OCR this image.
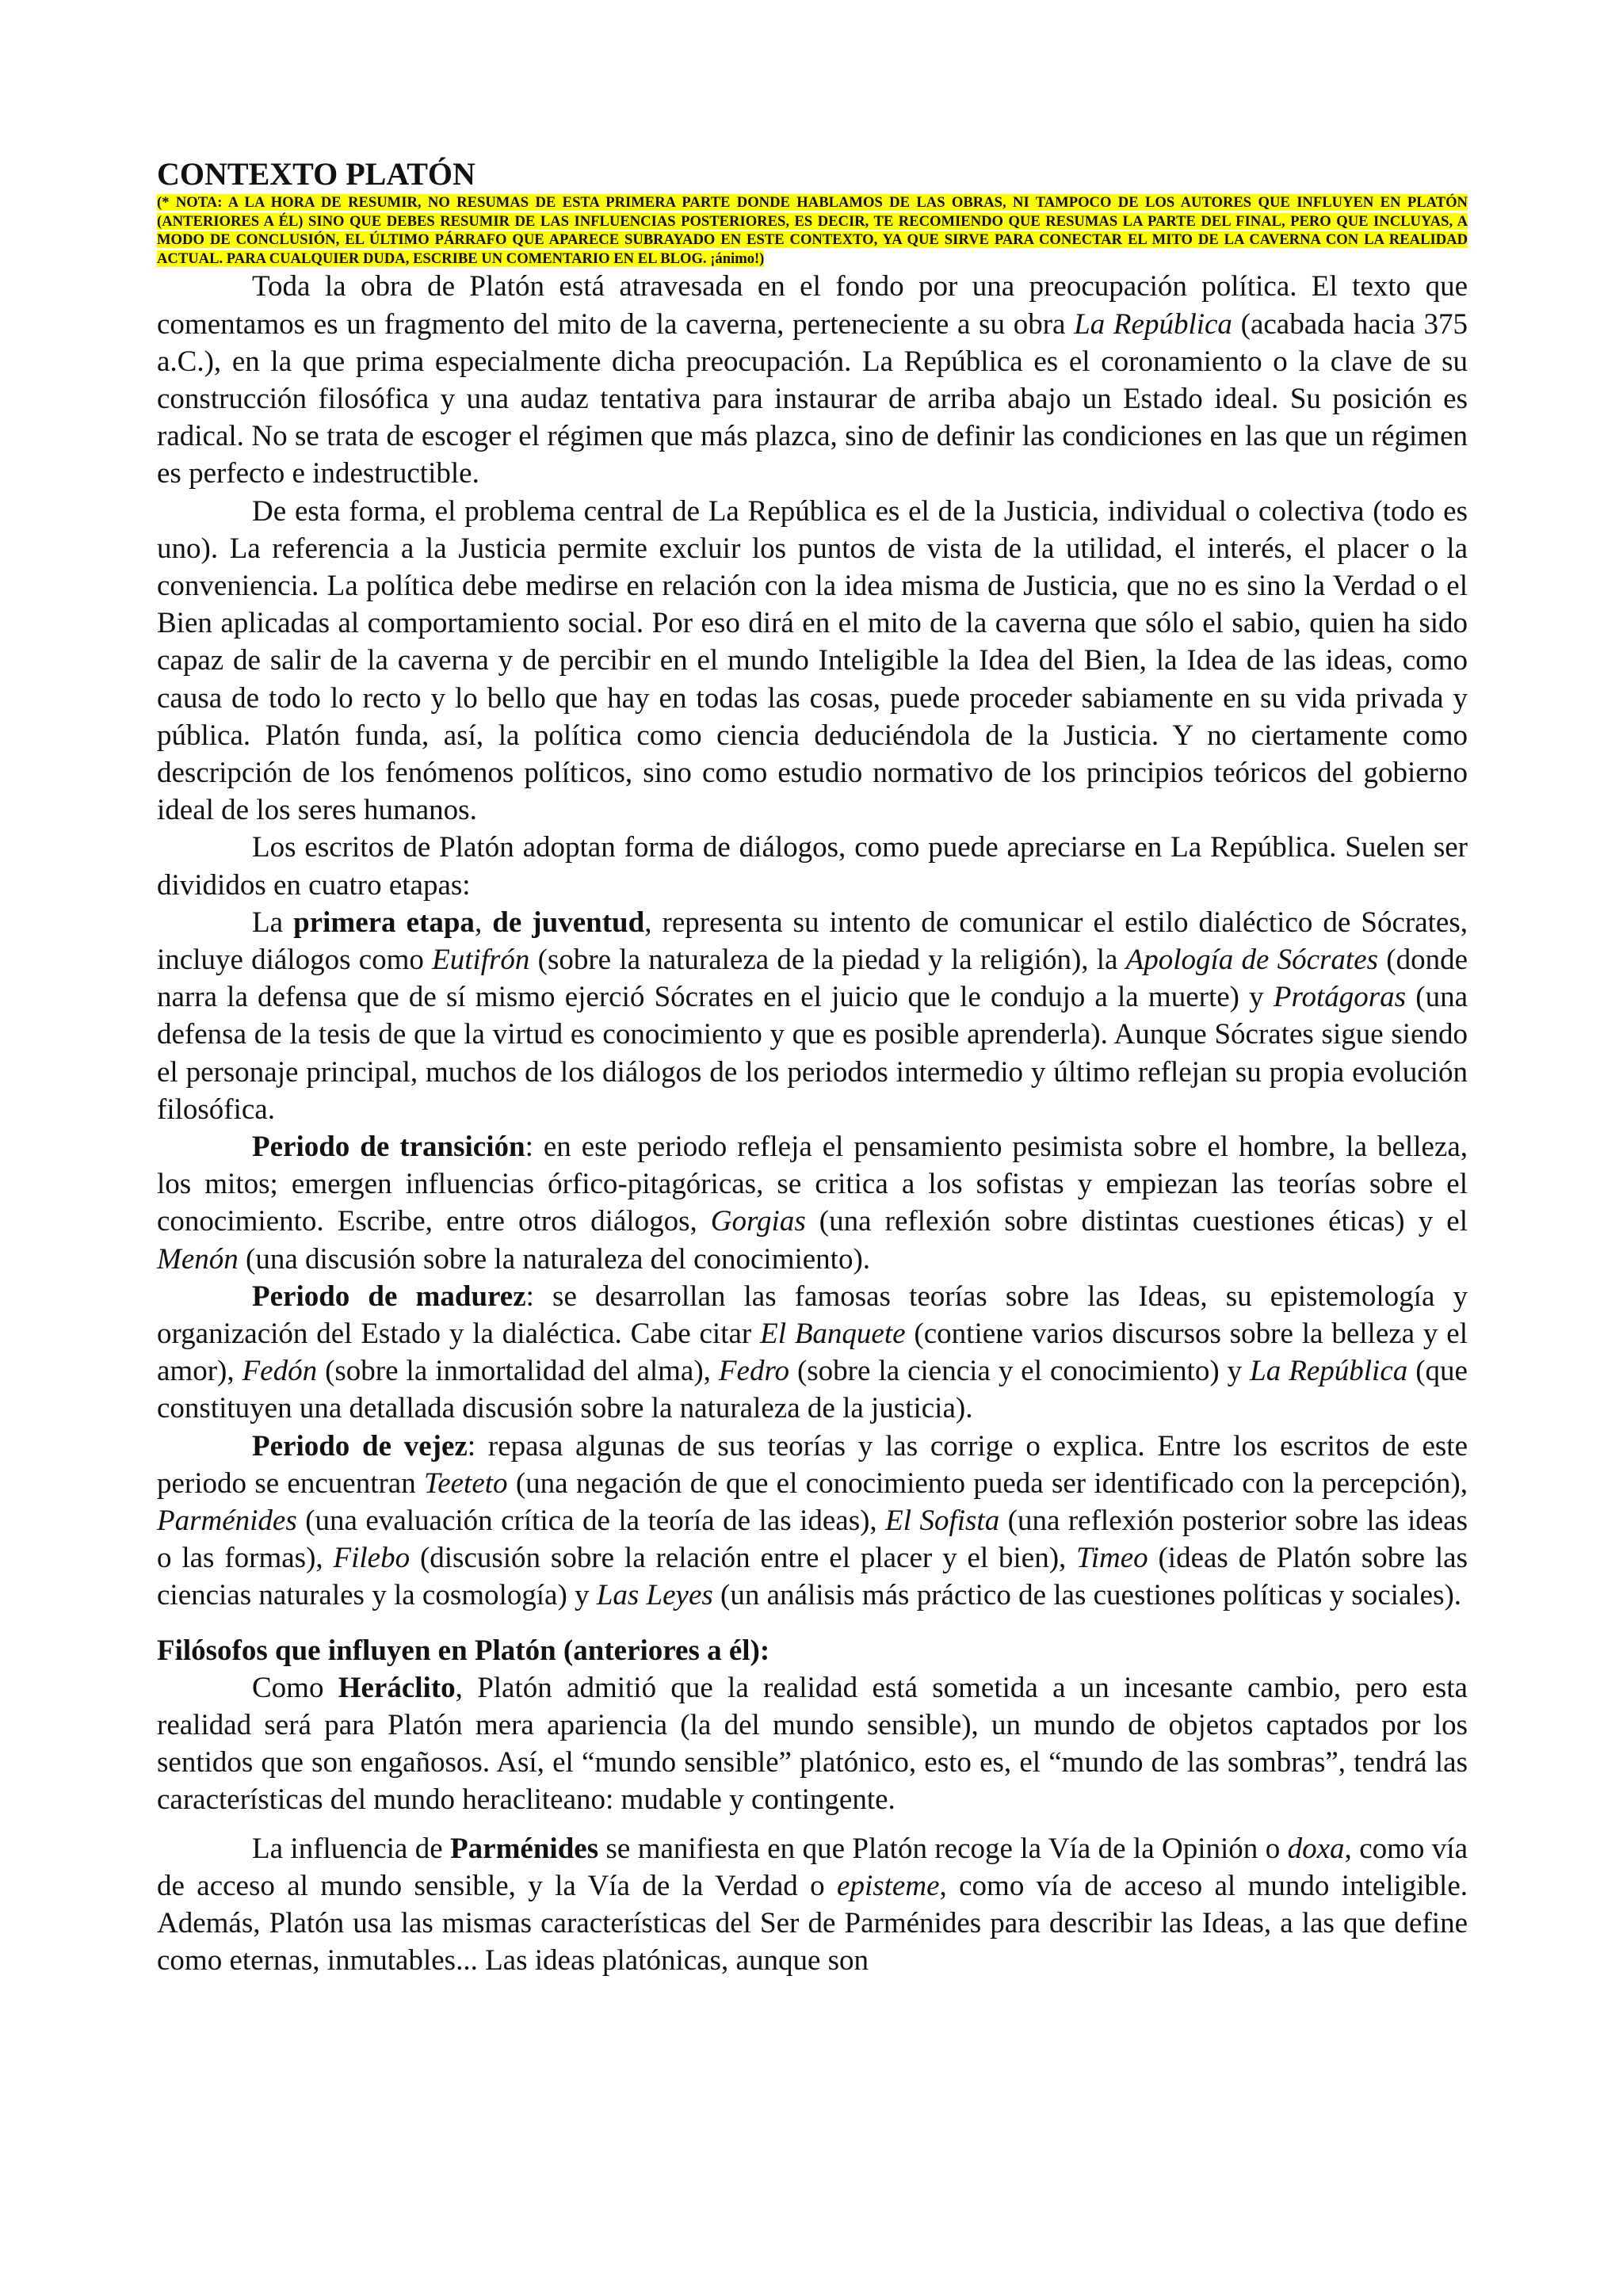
CONTEXTO PLATÓN

(* NOTA: A LA HORA DE RESUMIR, NO RESUMAS DE ESTA PRIMERA PARTE DONDE HABLAMOS DE LAS OBRAS, NI TAMPOCO DE LOS AUTORES QUE INFLUYEN EN PLATÓN (ANTERIORES A ÉL) SINO QUE DEBES RESUMIR DE LAS INFLUENCIAS POSTERIORES, ES DECIR, TE RECOMIENDO QUE RESUMAS LA PARTE DEL FINAL, PERO QUE INCLUYAS, A MODO DE CONCLUSIÓN, EL ÚLTIMO PÁRRAFO QUE APARECE SUBRAYADO EN ESTE CONTEXTO, YA QUE SIRVE PARA CONECTAR EL MITO DE LA CAVERNA CON LA REALIDAD ACTUAL. PARA CUALQUIER DUDA, ESCRIBE UN COMENTARIO EN EL BLOG. ¡ánimo!)

Toda la obra de Platón está atravesada en el fondo por una preocupación política. El texto que comentamos es un fragmento del mito de la caverna, perteneciente a su obra La República (acabada hacia 375 a.C.), en la que prima especialmente dicha preocupación. La República es el coronamiento o la clave de su construcción filosófica y una audaz tentativa para instaurar de arriba abajo un Estado ideal. Su posición es radical. No se trata de escoger el régimen que más plazca, sino de definir las condiciones en las que un régimen es perfecto e indestructible.

De esta forma, el problema central de La República es el de la Justicia, individual o colectiva (todo es uno). La referencia a la Justicia permite excluir los puntos de vista de la utilidad, el interés, el placer o la conveniencia. La política debe medirse en relación con la idea misma de Justicia, que no es sino la Verdad o el Bien aplicadas al comportamiento social. Por eso dirá en el mito de la caverna que sólo el sabio, quien ha sido capaz de salir de la caverna y de percibir en el mundo Inteligible la Idea del Bien, la Idea de las ideas, como causa de todo lo recto y lo bello que hay en todas las cosas, puede proceder sabiamente en su vida privada y pública. Platón funda, así, la política como ciencia deduciéndola de la Justicia. Y no ciertamente como descripción de los fenómenos políticos, sino como estudio normativo de los principios teóricos del gobierno ideal de los seres humanos.

Los escritos de Platón adoptan forma de diálogos, como puede apreciarse en La República. Suelen ser divididos en cuatro etapas:

La primera etapa, de juventud, representa su intento de comunicar el estilo dialéctico de Sócrates, incluye diálogos como Eutifrón (sobre la naturaleza de la piedad y la religión), la Apología de Sócrates (donde narra la defensa que de sí mismo ejerció Sócrates en el juicio que le condujo a la muerte) y Protágoras (una defensa de la tesis de que la virtud es conocimiento y que es posible aprenderla). Aunque Sócrates sigue siendo el personaje principal, muchos de los diálogos de los periodos intermedio y último reflejan su propia evolución filosófica.

Periodo de transición: en este periodo refleja el pensamiento pesimista sobre el hombre, la belleza, los mitos; emergen influencias órfico-pitagóricas, se critica a los sofistas y empiezan las teorías sobre el conocimiento. Escribe, entre otros diálogos, Gorgias (una reflexión sobre distintas cuestiones éticas) y el Menón (una discusión sobre la naturaleza del conocimiento).

Periodo de madurez: se desarrollan las famosas teorías sobre las Ideas, su epistemología y organización del Estado y la dialéctica. Cabe citar El Banquete (contiene varios discursos sobre la belleza y el amor), Fedón (sobre la inmortalidad del alma), Fedro (sobre la ciencia y el conocimiento) y La República (que constituyen una detallada discusión sobre la naturaleza de la justicia).

Periodo de vejez: repasa algunas de sus teorías y las corrige o explica. Entre los escritos de este periodo se encuentran Teeteto (una negación de que el conocimiento pueda ser identificado con la percepción), Parménides (una evaluación crítica de la teoría de las ideas), El Sofista (una reflexión posterior sobre las ideas o las formas), Filebo (discusión sobre la relación entre el placer y el bien), Timeo (ideas de Platón sobre las ciencias naturales y la cosmología) y Las Leyes (un análisis más práctico de las cuestiones políticas y sociales).

Filósofos que influyen en Platón (anteriores a él):

Como Heráclito, Platón admitió que la realidad está sometida a un incesante cambio, pero esta realidad será para Platón mera apariencia (la del mundo sensible), un mundo de objetos captados por los sentidos que son engañosos. Así, el “mundo sensible” platónico, esto es, el “mundo de las sombras”, tendrá las características del mundo heracliteano: mudable y contingente.

La influencia de Parménides se manifiesta en que Platón recoge la Vía de la Opinión o doxa, como vía de acceso al mundo sensible, y la Vía de la Verdad o episteme, como vía de acceso al mundo inteligible. Además, Platón usa las mismas características del Ser de Parménides para describir las Ideas, a las que define como eternas, inmutables... Las ideas platónicas, aunque son
